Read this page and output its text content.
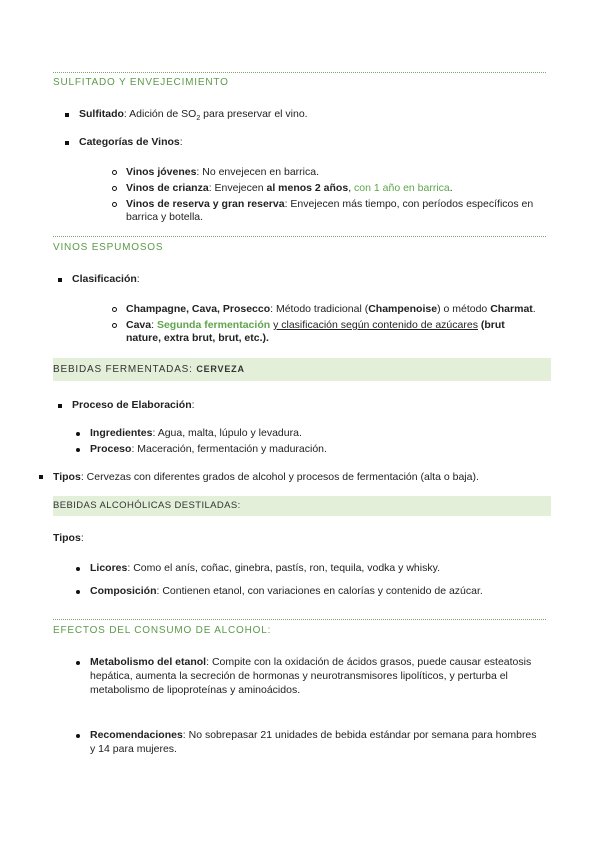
SULFITADO Y ENVEJECIMIENTO
Sulfitado: Adición de $SO_2$ para preservar el vino.
Categorías de Vinos:
Vinos jóvenes: No envejecen en barrica.
Vinos de crianza: Envejecen al menos 2 años, con 1 año en barrica.
Vinos de reserva y gran reserva: Envejecen más tiempo, con períodos específicos en
barrica y botella.
VINOS ESPUMOSOS
Clasificación:
Champagne, Cava, Prosecco: Método tradicional (Champenoise) o método Charmat.
Cava: Segunda fermentación y clasificación según contenido de azúcares (brut
nature, extra brut, brut, etc.).
BEBIDAS FERMENTADAS: CERVEZA
Proceso de Elaboración:
Ingredientes: Agua, malta, lúpulo y levadura.
Proceso: Maceración, fermentación y maduración.
Tipos: Cervezas con diferentes grados de alcohol y procesos de fermentación (alta o baja).
BEBIDAS ALCOHÓLICAS DESTILADAS:
Tipos:
Licores: Como el anís, coñac, ginebra, pastís, ron, tequila, vodka y whisky.
Composición: Contienen etanol, con variaciones en calorías y contenido de azúcar.
EFECTOS DEL CONSUMO DE ALCOHOL:
Metabolismo del etanol: Compite con la oxidación de ácidos grasos, puede causar esteatosis
hepática, aumenta la secreción de hormonas y neurotransmisores lipolíticos, y perturba el
metabolismo de lipoproteínas y aminoácidos.
Recomendaciones: No sobrepasar 21 unidades de bebida estándar por semana para hombres
y 14 para mujeres.
